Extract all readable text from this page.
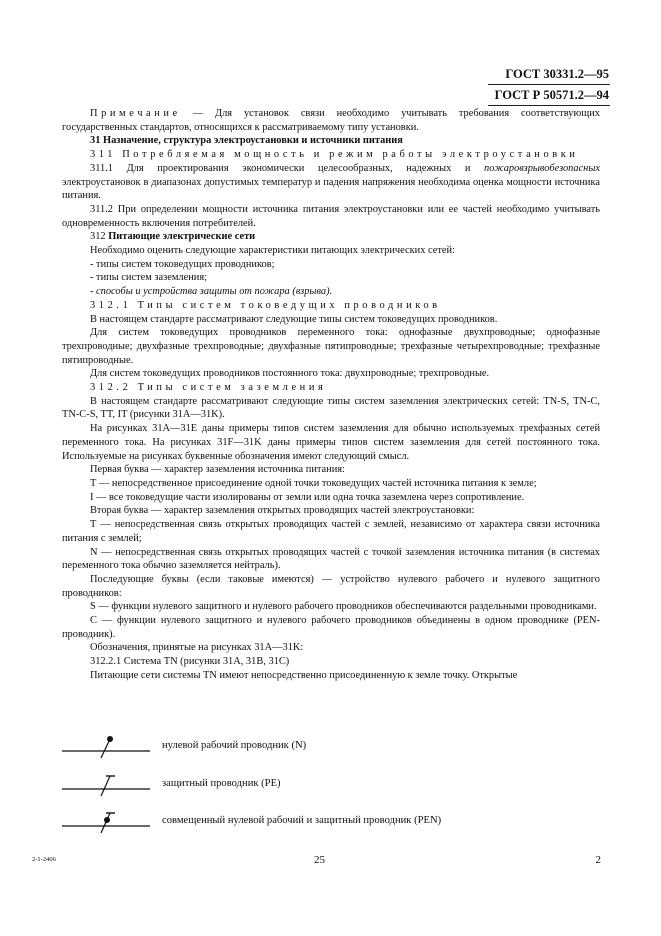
ГОСТ 30331.2—95
ГОСТ Р 50571.2—94

Примечание — Для установок связи необходимо учитывать требования соответствующих государственных стандартов, относящихся к рассматриваемому типу установки.

31 Назначение, структура электроустановки и источники питания

311 Потребляемая мощность и режим работы электроустановки

311.1 Для проектирования экономически целесообразных, надежных и пожаровзрывобезопасных электроустановок в диапазонах допустимых температур и падения напряжения необходима оценка мощности источника питания.

311.2 При определении мощности источника питания электроустановки или ее частей необходимо учитывать одновременность включения потребителей.

312 Питающие электрические сети

Необходимо оценить следующие характеристики питающих электрических сетей:

- типы систем токоведущих проводников;

- типы систем заземления;

- способы и устройства защиты от пожара (взрыва).

312.1 Типы систем токоведущих проводников

В настоящем стандарте рассматривают следующие типы систем токоведущих проводников.

Для систем токоведущих проводников переменного тока: однофазные двухпроводные; однофазные трехпроводные; двухфазные трехпроводные; двухфазные пятипроводные; трехфазные четырехпроводные; трехфазные пятипроводные.

Для систем токоведущих проводников постоянного тока: двухпроводные; трехпроводные.

312.2 Типы систем заземления

В настоящем стандарте рассматривают следующие типы систем заземления электрических сетей: TN-S, TN-C, TN-C-S, TT, IT (рисунки 31A—31K).

На рисунках 31A—31E даны примеры типов систем заземления для обычно используемых трехфазных сетей переменного тока. На рисунках 31F—31K даны примеры типов систем заземления для сетей постоянного тока. Используемые на рисунках буквенные обозначения имеют следующий смысл.

Первая буква — характер заземления источника питания:

Т — непосредственное присоединение одной точки токоведущих частей источника питания к земле;

I — все токоведущие части изолированы от земли или одна точка заземлена через сопротивление.

Вторая буква — характер заземления открытых проводящих частей электроустановки:

Т — непосредственная связь открытых проводящих частей с землей, независимо от характера связи источника питания с землей;

N — непосредственная связь открытых проводящих частей с точкой заземления источника питания (в системах переменного тока обычно заземляется нейтраль).

Последующие буквы (если таковые имеются) — устройство нулевого рабочего и нулевого защитного проводников:

S — функции нулевого защитного и нулевого рабочего проводников обеспечиваются раздельными проводниками.

С — функции нулевого защитного и нулевого рабочего проводников объединены в одном проводнике (PEN-проводник).

Обозначения, принятые на рисунках 31A—31K:

312.2.1 Система TN (рисунки 31A, 31B, 31C)

Питающие сети системы TN имеют непосредственно присоединенную к земле точку. Открытые

нулевой рабочий проводник (N)
защитный проводник (PE)
совмещенный нулевой рабочий и защитный проводник (PEN)
2-1-2406	25	2
